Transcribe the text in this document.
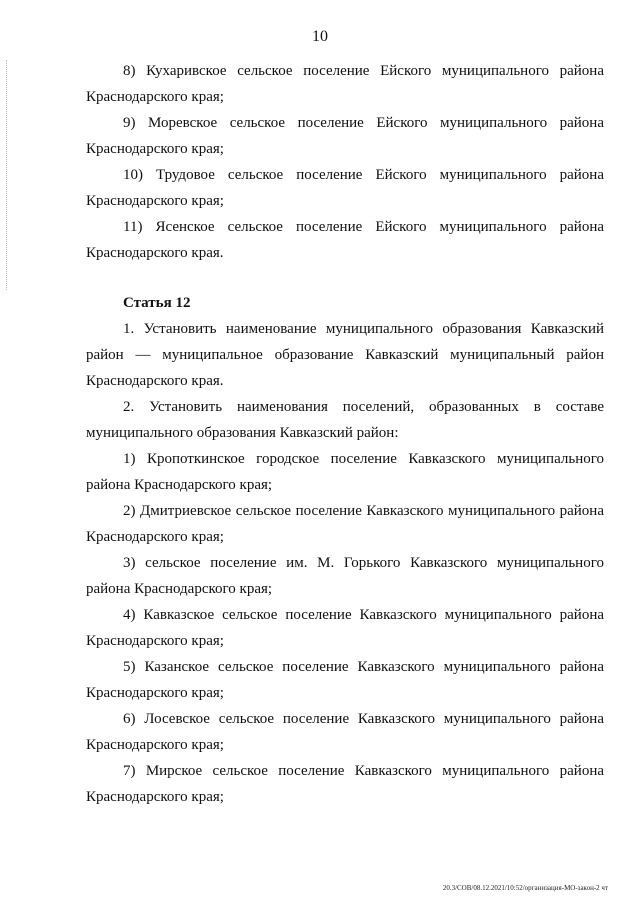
10

8) Кухаривское сельское поселение Ейского муниципального района Краснодарского края;

9) Моревское сельское поселение Ейского муниципального района Краснодарского края;

10) Трудовое сельское поселение Ейского муниципального района Краснодарского края;

11) Ясенское сельское поселение Ейского муниципального района Краснодарского края.

Статья 12

1. Установить наименование муниципального образования Кавказский район — муниципальное образование Кавказский муниципальный район Краснодарского края.

2. Установить наименования поселений, образованных в составе муниципального образования Кавказский район:

1) Кропоткинское городское поселение Кавказского муниципального района Краснодарского края;

2) Дмитриевское сельское поселение Кавказского муниципального района Краснодарского края;

3) сельское поселение им. М. Горького Кавказского муниципального района Краснодарского края;

4) Кавказское сельское поселение Кавказского муниципального района Краснодарского края;

5) Казанское сельское поселение Кавказского муниципального района Краснодарского края;

6) Лосевское сельское поселение Кавказского муниципального района Краснодарского края;

7) Мирское сельское поселение Кавказского муниципального района Краснодарского края;

20.3/СОВ/08.12.2021/10:52/организация-МО-закон-2 чт
